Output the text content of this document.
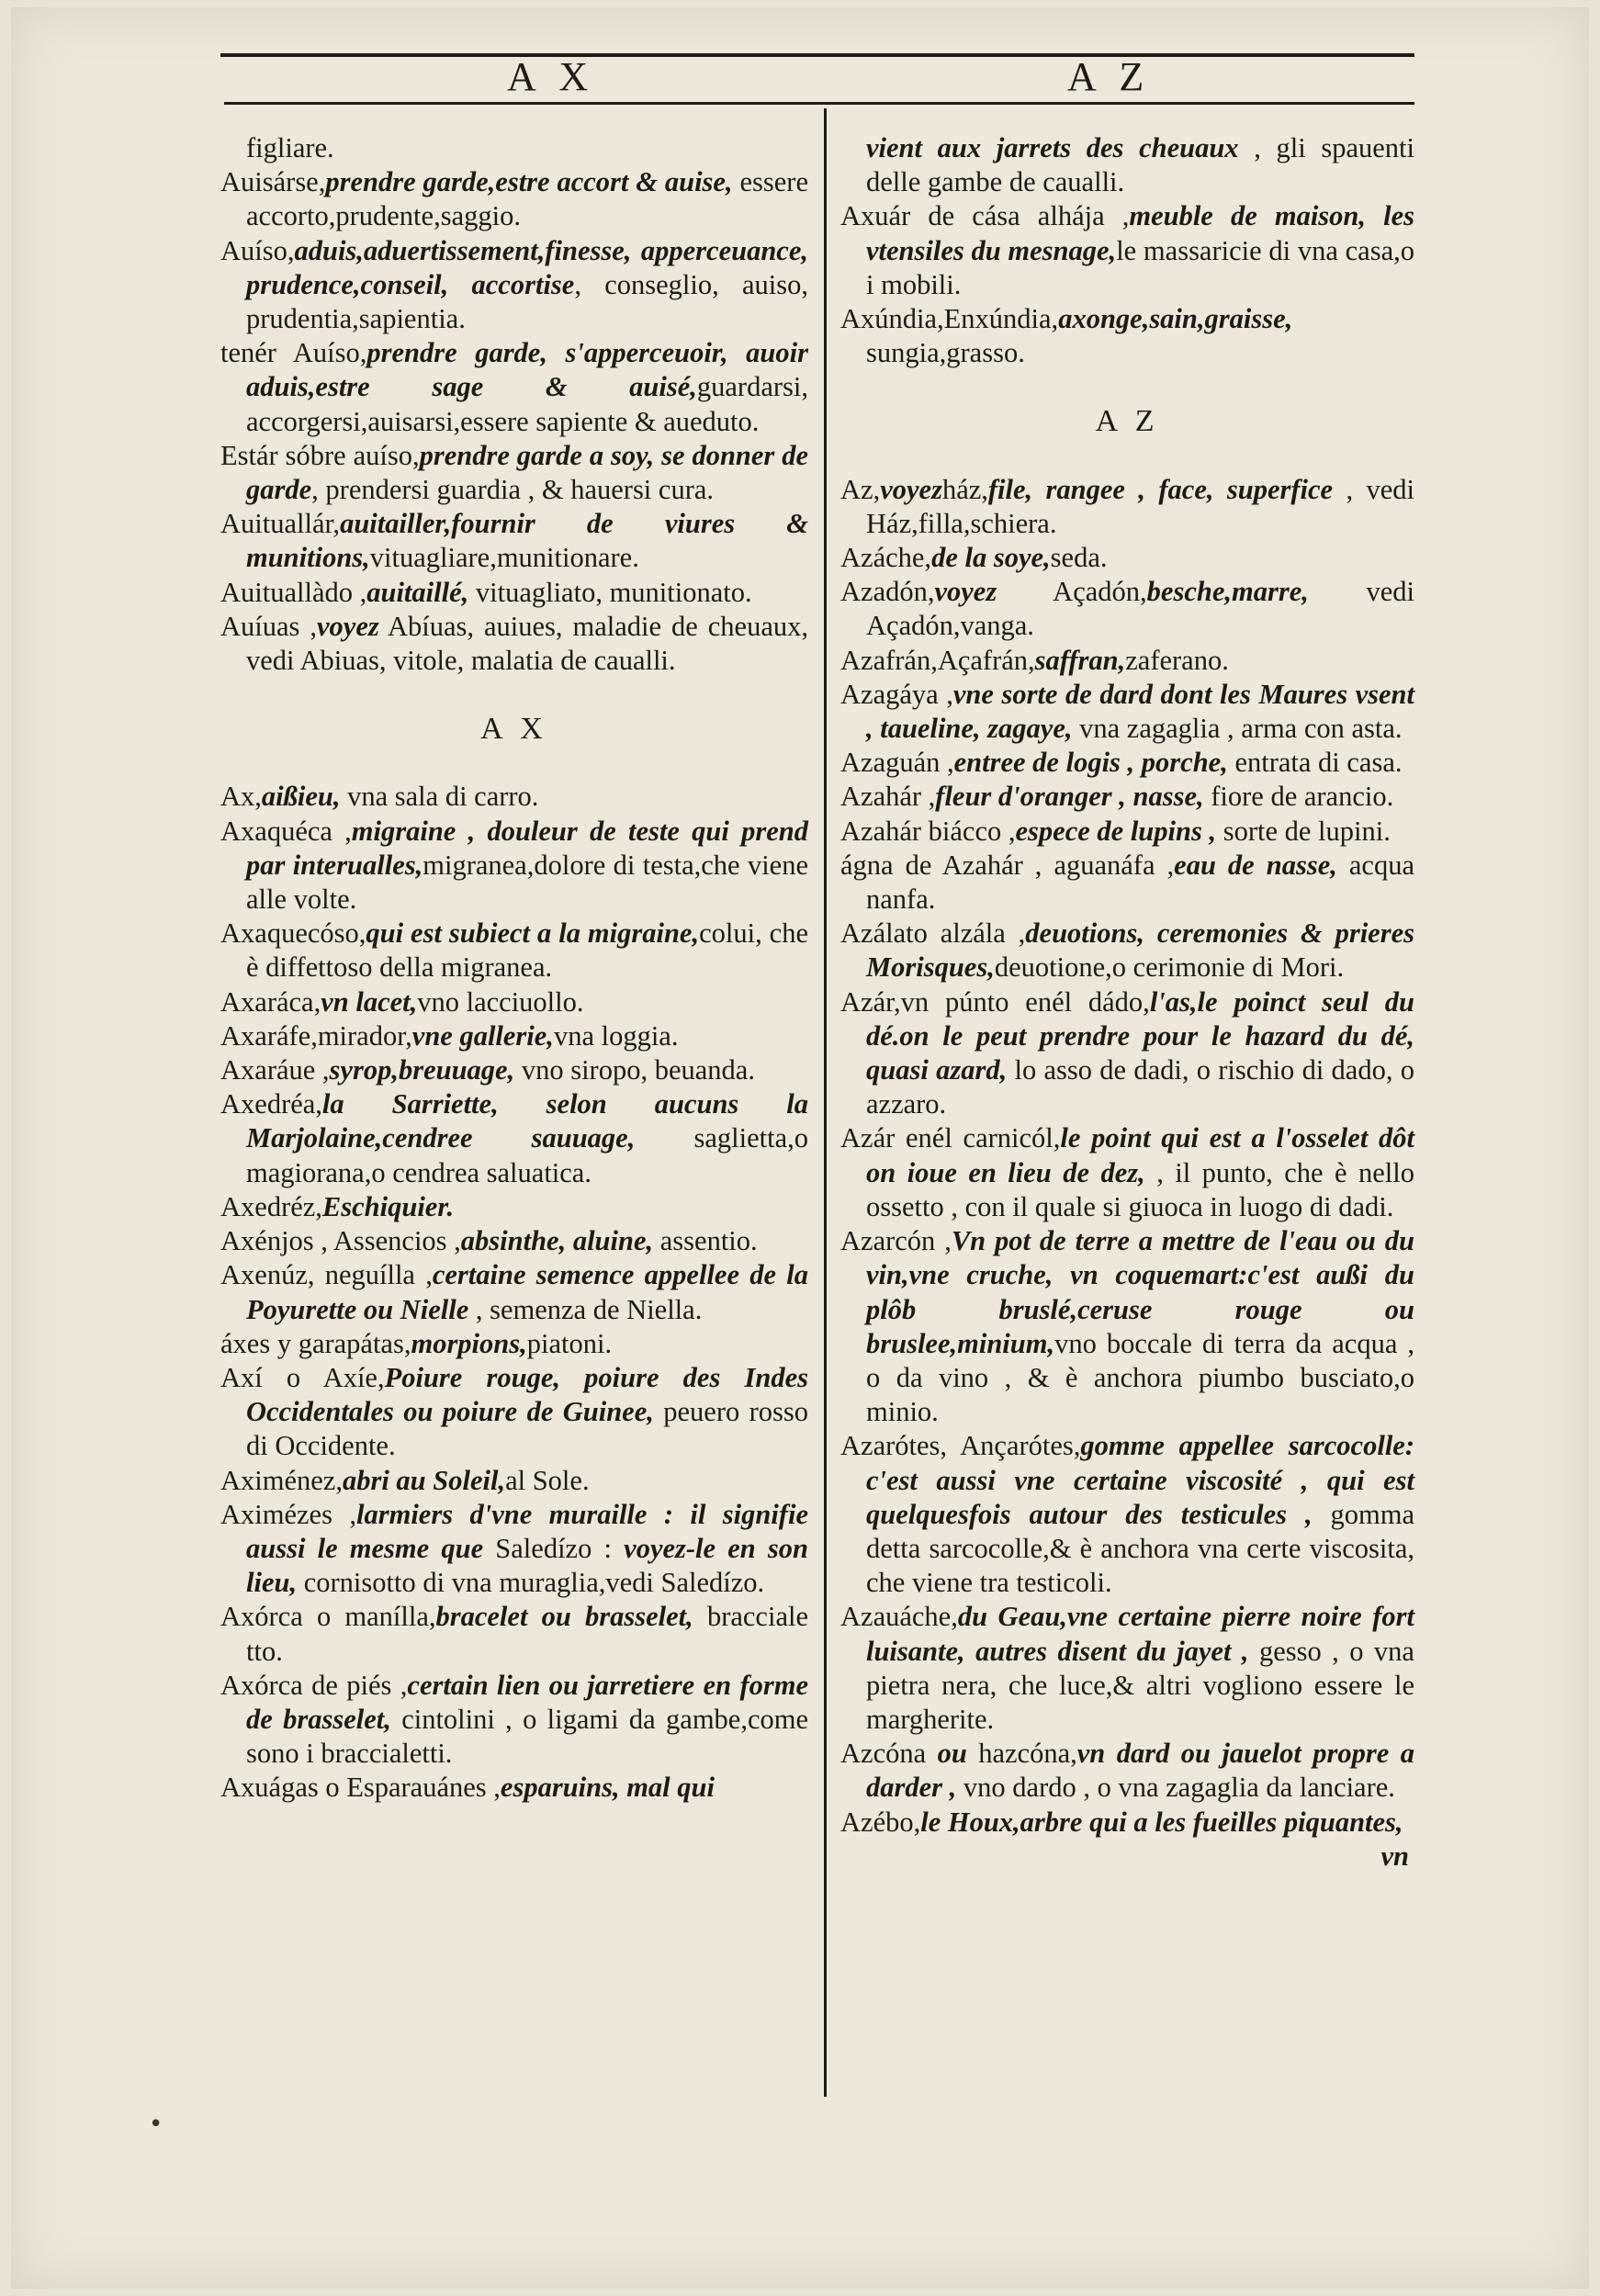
A X	A Z

figliare.

Auisárse,prendre garde,estre accort & auise, essere accorto,prudente,saggio.

Auíso,aduis,aduertissement,finesse, apperceuance, prudence,conseil, accortise, conseglio, auiso, prudentia,sapientia.

tenér Auíso,prendre garde, s'apperceuoir, auoir aduis,estre sage & auisé,guardarsi, accorgersi,auisarsi,essere sapiente & aueduto.

Estár sóbre auíso,prendre garde a soy, se donner de garde, prendersi guardia , & hauersi cura.

Auituallár,auitailler,fournir de viures & munitions,vituagliare,munitionare.

Auituallàdo ,auitaillé, vituagliato, munitionato.

Auíuas ,voyez Abíuas, auiues, maladie de cheuaux, vedi Abiuas, vitole, malatia de caualli.

A X

Ax,aißieu, vna sala di carro.

Axaquéca ,migraine , douleur de teste qui prend par interualles,migranea,dolore di testa,che viene alle volte.

Axaquecóso,qui est subiect a la migraine,colui, che è diffettoso della migranea.

Axaráca,vn lacet,vno lacciuollo.

Axaráfe,mirador,vne gallerie,vna loggia.

Axaráue ,syrop,breuuage, vno siropo, beuanda.

Axedréa,la Sarriette, selon aucuns la Marjolaine,cendree sauuage, saglietta,o magiorana,o cendrea saluatica.

Axedréz,Eschiquier.

Axénjos , Assencios ,absinthe, aluine, assentio.

Axenúz, neguílla ,certaine semence appellee de la Poyurette ou Nielle , semenza de Niella.

áxes y garapátas,morpions,piatoni.

Axí o Axíe,Poiure rouge, poiure des Indes Occidentales ou poiure de Guinee, peuero rosso di Occidente.

Aximénez,abri au Soleil,al Sole.

Aximézes ,larmiers d'vne muraille : il signifie aussi le mesme que Saledízo : voyez-le en son lieu, cornisotto di vna muraglia,vedi Saledízo.

Axórca o manílla,bracelet ou brasselet, bracciale tto.

Axórca de piés ,certain lien ou jarretiere en forme de brasselet, cintolini , o ligami da gambe,come sono i braccialetti.

Axuágas o Esparauánes ,esparuins, mal qui

vient aux jarrets des cheuaux , gli spauenti delle gambe de caualli.

Axuár de cása alhája ,meuble de maison, les vtensiles du mesnage,le massaricie di vna casa,o i mobili.

Axúndia,Enxúndia,axonge,sain,graisse, sungia,grasso.

A Z

Az,voyezház,file, rangee , face, superfice , vedi Ház,filla,schiera.

Azáche,de la soye,seda.

Azadón,voyez Açadón,besche,marre, vedi Açadón,vanga.

Azafrán,Açafrán,saffran,zaferano.

Azagáya ,vne sorte de dard dont les Maures vsent , taueline, zagaye, vna zagaglia , arma con asta.

Azaguán ,entree de logis , porche, entrata di casa.

Azahár ,fleur d'oranger , nasse, fiore de arancio.

Azahár biácco ,espece de lupins , sorte de lupini.

ágna de Azahár , aguanáfa ,eau de nasse, acqua nanfa.

Azálato alzála ,deuotions, ceremonies & prieres Morisques,deuotione,o cerimonie di Mori.

Azár,vn púnto enél dádo,l'as,le poinct seul du dé.on le peut prendre pour le hazard du dé, quasi azard, lo asso de dadi, o rischio di dado, o azzaro.

Azár enél carnicól,le point qui est a l'osselet dôt on ioue en lieu de dez, , il punto, che è nello ossetto , con il quale si giuoca in luogo di dadi.

Azarcón ,Vn pot de terre a mettre de l'eau ou du vin,vne cruche, vn coquemart:c'est außi du plôb bruslé,ceruse rouge ou bruslee,minium,vno boccale di terra da acqua , o da vino , & è anchora piumbo busciato,o minio.

Azarótes, Ançarótes,gomme appellee sarcocolle: c'est aussi vne certaine viscosité , qui est quelquesfois autour des testicules , gomma detta sarcocolle,& è anchora vna certe viscosita, che viene tra testicoli.

Azauáche,du Geau,vne certaine pierre noire fort luisante, autres disent du jayet , gesso , o vna pietra nera, che luce,& altri vogliono essere le margherite.

Azcóna ou hazcóna,vn dard ou jauelot propre a darder , vno dardo , o vna zagaglia da lanciare.

Azébo,le Houx,arbre qui a les fueilles piquantes,

vn

•
